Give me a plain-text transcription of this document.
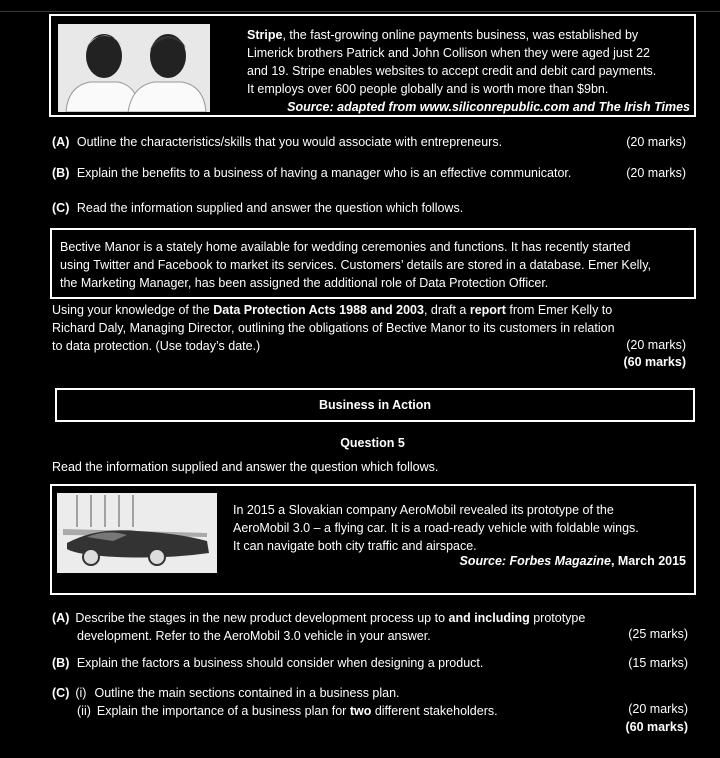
Stripe, the fast-growing online payments business, was established by
Limerick brothers Patrick and John Collison when they were aged just 22
and 19. Stripe enables websites to accept credit and debit card payments.
It employs over 600 people globally and is worth more than $9bn.
Source: adapted from www.siliconrepublic.com and The Irish Times
(A) Outline the characteristics/skills that you would associate with entrepreneurs.	(20 marks)
(B) Explain the benefits to a business of having a manager who is an effective communicator.	(20 marks)
(C) Read the information supplied and answer the question which follows.
Bective Manor is a stately home available for wedding ceremonies and functions. It has recently started
using Twitter and Facebook to market its services. Customers’ details are stored in a database. Emer Kelly,
the Marketing Manager, has been assigned the additional role of Data Protection Officer.
Using your knowledge of the Data Protection Acts 1988 and 2003, draft a report from Emer Kelly to
Richard Daly, Managing Director, outlining the obligations of Bective Manor to its customers in relation
to data protection. (Use today’s date.)	(20 marks)
(60 marks)
Business in Action
Question 5
Read the information supplied and answer the question which follows.
In 2015 a Slovakian company AeroMobil revealed its prototype of the
AeroMobil 3.0 – a flying car. It is a road-ready vehicle with foldable wings.
It can navigate both city traffic and airspace.
Source: Forbes Magazine, March 2015
(A) Describe the stages in the new product development process up to and including prototype
development. Refer to the AeroMobil 3.0 vehicle in your answer.	(25 marks)
(B) Explain the factors a business should consider when designing a product.	(15 marks)
(C) (i) Outline the main sections contained in a business plan.
(ii) Explain the importance of a business plan for two different stakeholders.	(20 marks)
(60 marks)
